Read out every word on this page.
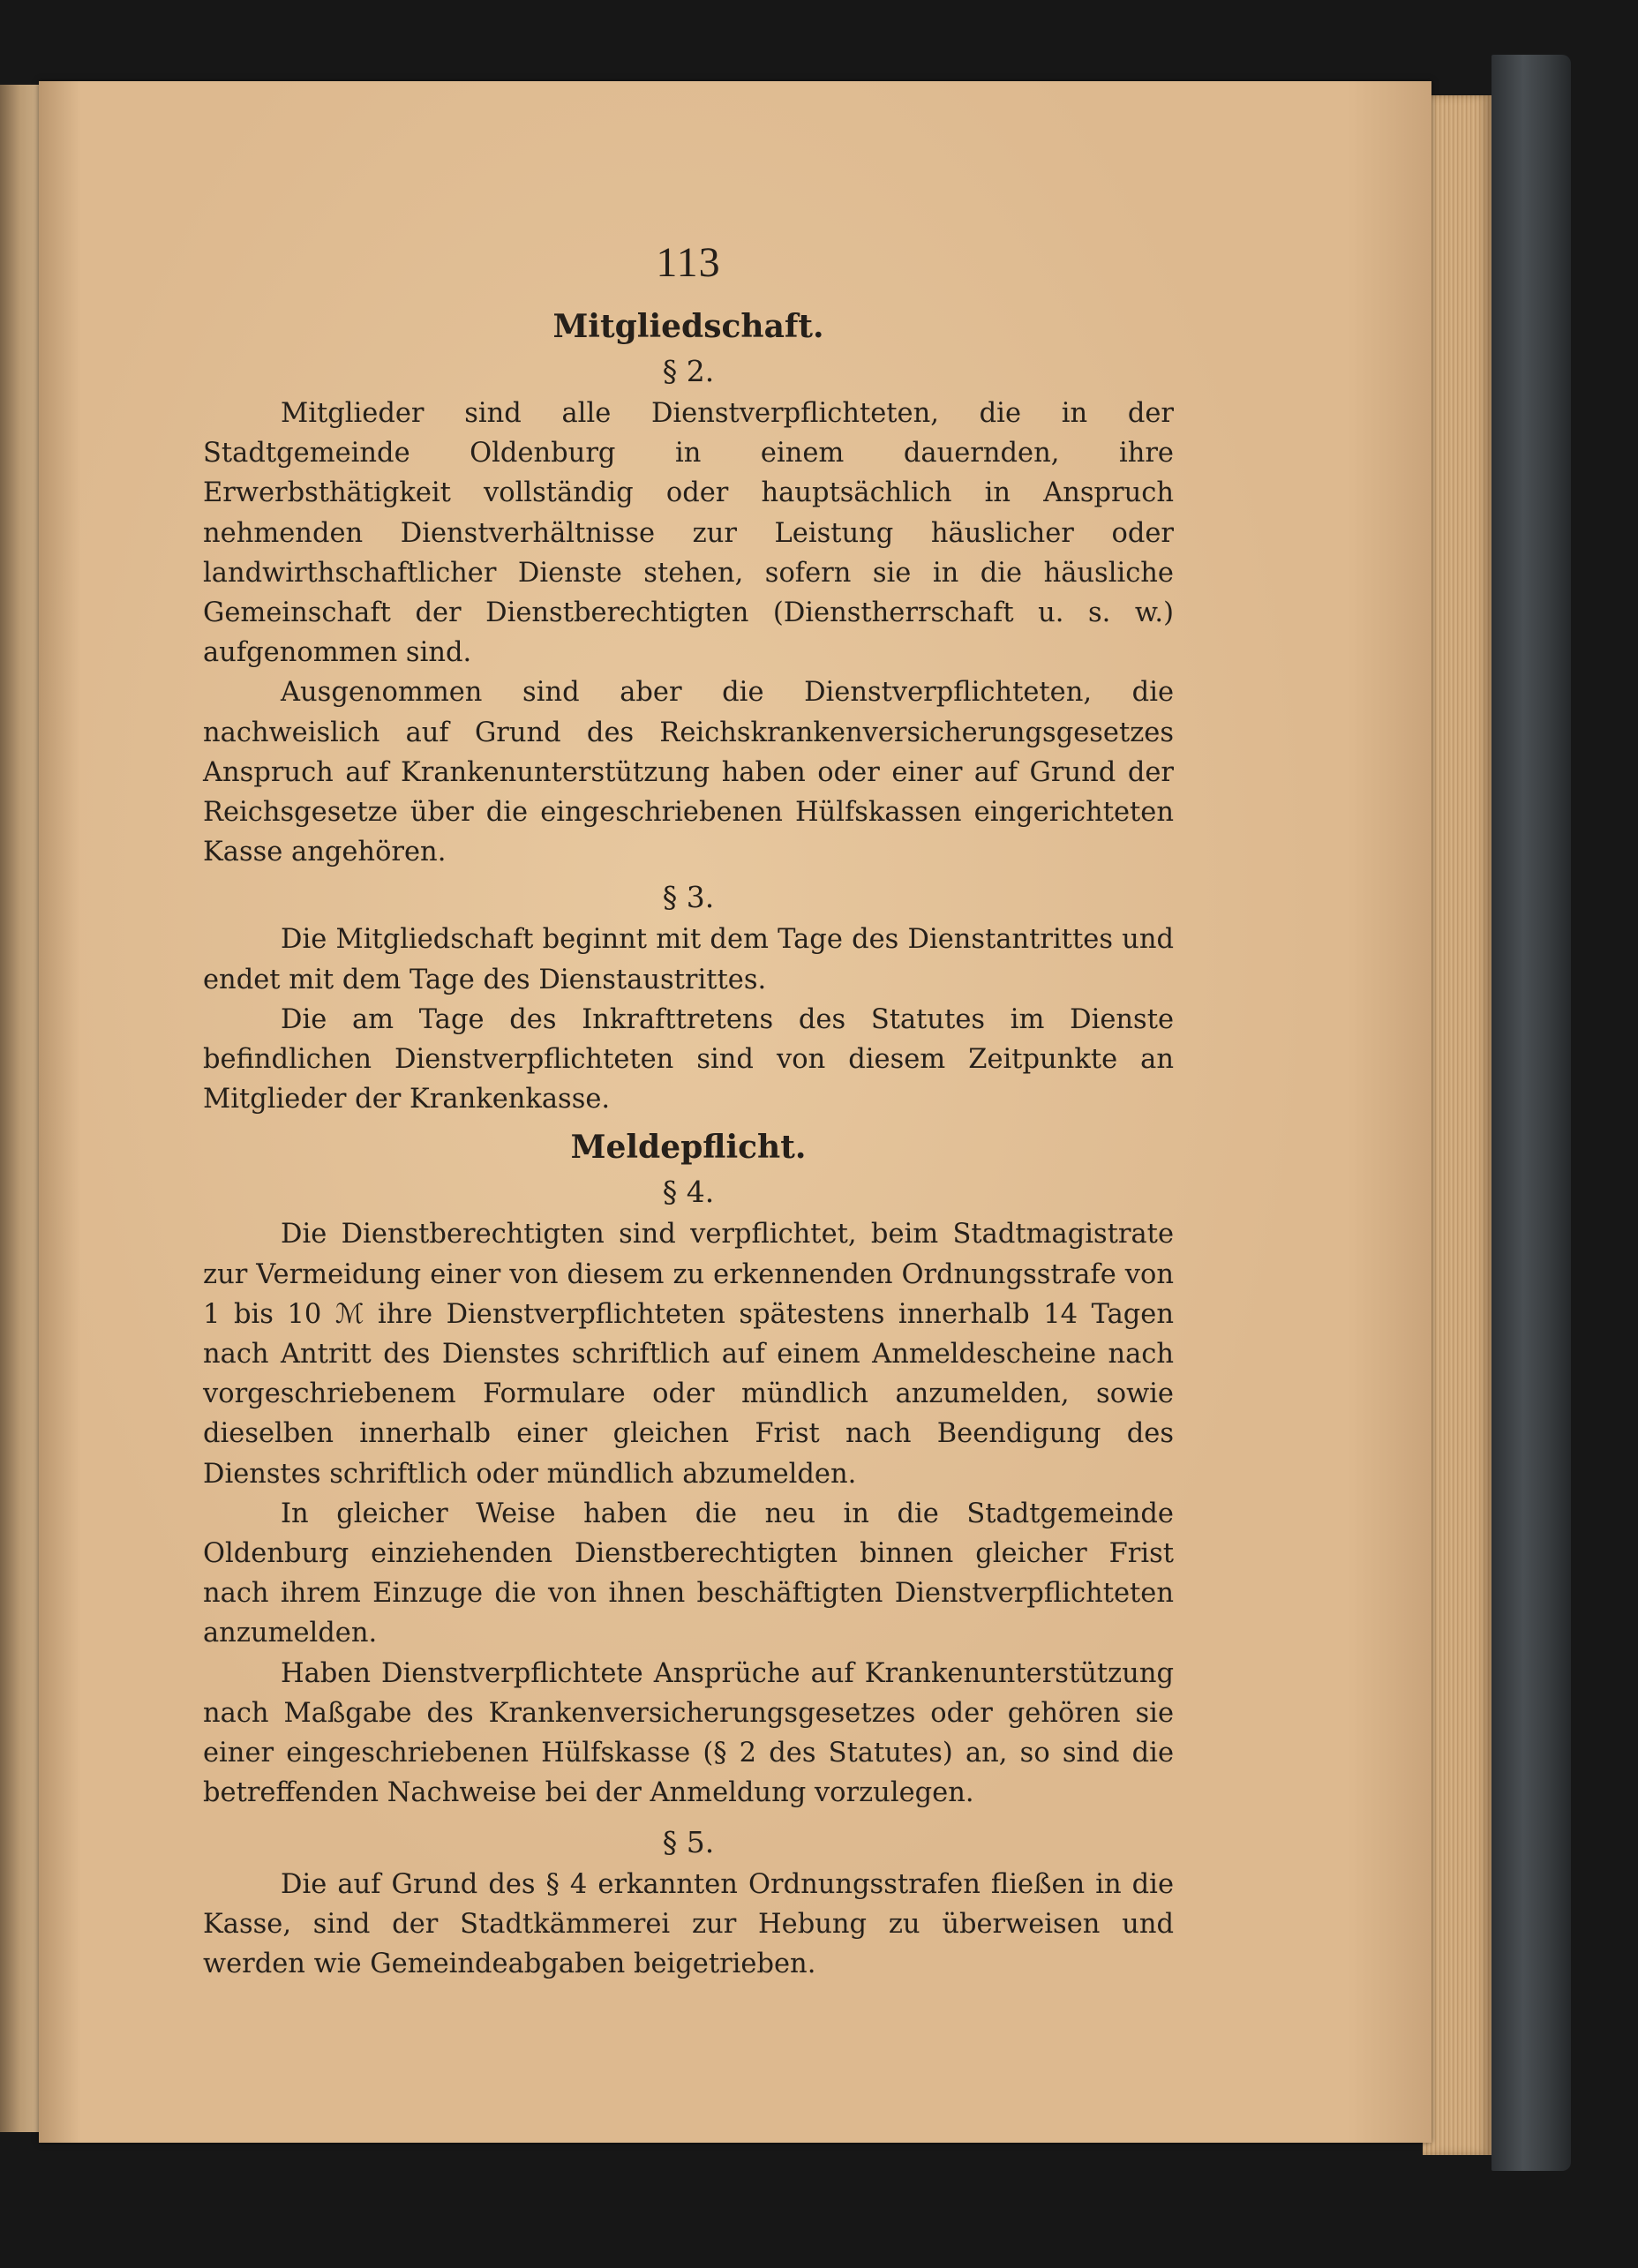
113
Mitgliedschaft.
§ 2.

Mitglieder sind alle Dienstverpflichteten, die in der Stadtgemeinde Oldenburg in einem dauernden, ihre Erwerbsthätigkeit vollständig oder hauptsächlich in Anspruch nehmenden Dienstverhältnisse zur Leistung häuslicher oder landwirthschaftlicher Dienste stehen, sofern sie in die häusliche Gemeinschaft der Dienstberechtigten (Dienstherrschaft u. s. w.) aufgenommen sind.

Ausgenommen sind aber die Dienstverpflichteten, die nachweislich auf Grund des Reichskrankenversicherungsgesetzes Anspruch auf Krankenunterstützung haben oder einer auf Grund der Reichsgesetze über die eingeschriebenen Hülfskassen eingerichteten Kasse angehören.

§ 3.

Die Mitgliedschaft beginnt mit dem Tage des Dienstantrittes und endet mit dem Tage des Dienstaustrittes.

Die am Tage des Inkrafttretens des Statutes im Dienste befindlichen Dienstverpflichteten sind von diesem Zeitpunkte an Mitglieder der Krankenkasse.

Meldepflicht.
§ 4.

Die Dienstberechtigten sind verpflichtet, beim Stadtmagistrate zur Vermeidung einer von diesem zu erkennenden Ordnungsstrafe von 1 bis 10 ℳ ihre Dienstverpflichteten spätestens innerhalb 14 Tagen nach Antritt des Dienstes schriftlich auf einem Anmeldescheine nach vorgeschriebenem Formulare oder mündlich anzumelden, sowie dieselben innerhalb einer gleichen Frist nach Beendigung des Dienstes schriftlich oder mündlich abzumelden.

In gleicher Weise haben die neu in die Stadtgemeinde Oldenburg einziehenden Dienstberechtigten binnen gleicher Frist nach ihrem Einzuge die von ihnen beschäftigten Dienstverpflichteten anzumelden.

Haben Dienstverpflichtete Ansprüche auf Krankenunterstützung nach Maßgabe des Krankenversicherungsgesetzes oder gehören sie einer eingeschriebenen Hülfskasse (§ 2 des Statutes) an, so sind die betreffenden Nachweise bei der Anmeldung vorzulegen.

§ 5.

Die auf Grund des § 4 erkannten Ordnungsstrafen fließen in die Kasse, sind der Stadtkämmerei zur Hebung zu überweisen und werden wie Gemeindeabgaben beigetrieben.
